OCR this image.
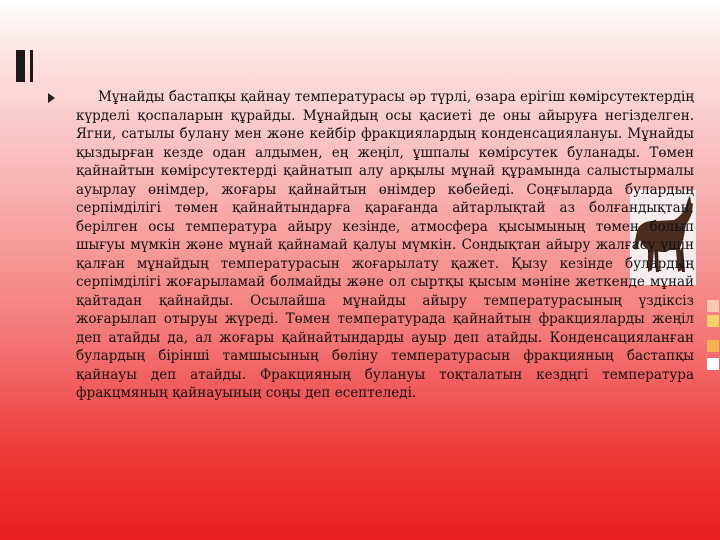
Мұнайды бастапқы қайнау температурасы әр түрлі, өзара ерігіш көмірсутектердің күрделі қоспаларын құрайды. Мұнайдың осы қасиеті де оны айыруға негізделген. Ягни, сатылы булану мен және кейбір фракциялардың конденсациялануы. Мұнайды қыздырған кезде одан алдымен, ең жеңіл, ұшпалы көмірсутек буланады. Төмен қайнайтын көмірсутектерді қайнатып алу арқылы мұнай құрамында салыстырмалы ауырлау өнімдер, жоғары қайнайтын өнімдер көбейеді. Соңғыларда булардың серпімділігі төмен қайнайтындарға қарағанда айтарлықтай аз болғандықтан, берілген осы температура айыру кезінде, атмосфера қысымының төмен болып шығуы мүмкін және мұнай қайнамай қалуы мүмкін. Сондықтан айыру жалғасу үшін қалған мұнайдың температурасын жоғарылату қажет. Қызу кезінде булардың серпімділігі жоғарыламай болмайды және ол сыртқы қысым мәніне жеткенде мұнай қайтадан қайнайды. Осылайша мұнайды айыру температурасының үздіксіз жоғарылап отыруы жүреді. Төмен температурада қайнайтын фракцияларды жеңіл деп атайды да, ал жоғары қайнайтындарды ауыр деп атайды. Конденсацияланған булардың бірінші тамшысының бөліну температурасын фракцияның бастапқы қайнауы деп атайды. Фракцияның булануы тоқталатын кездңгі температура фракцмяның қайнауының соңы деп есептеледі.
